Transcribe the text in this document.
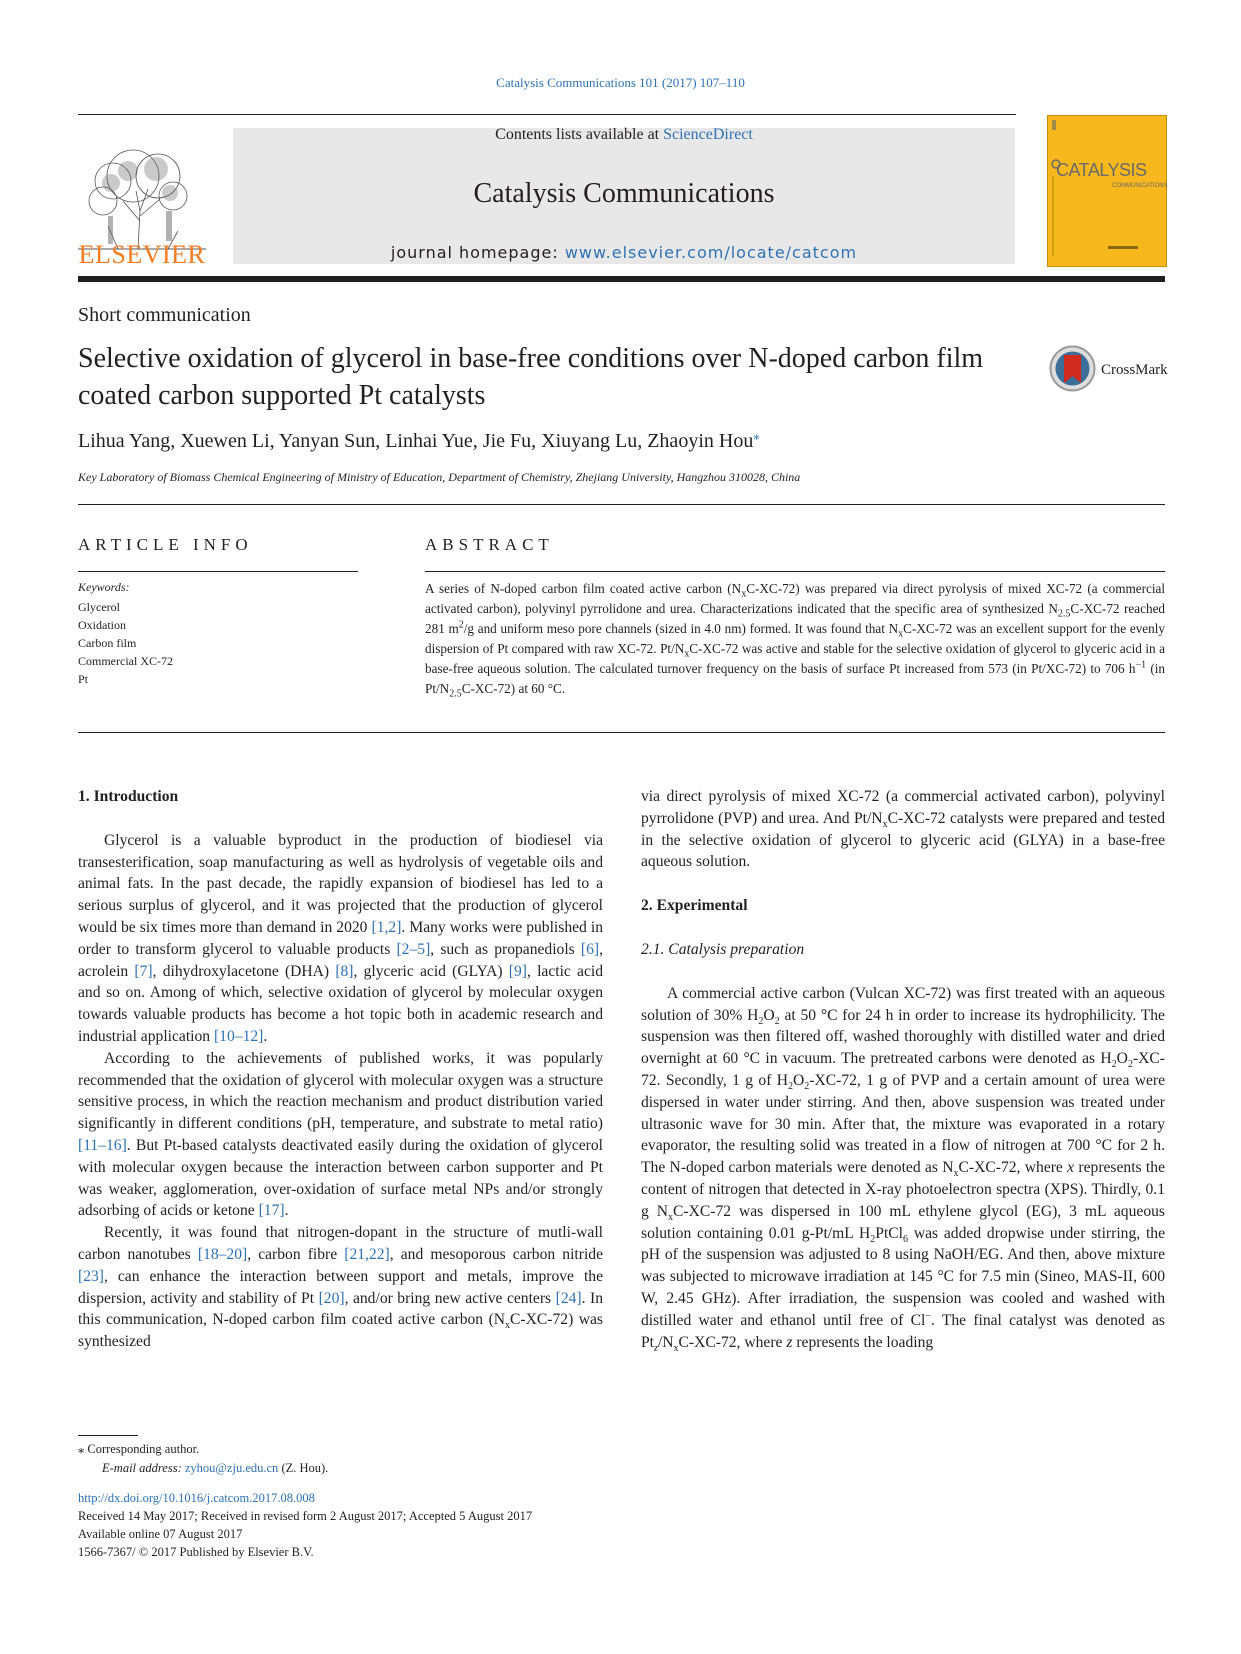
Catalysis Communications 101 (2017) 107–110
ELSEVIER
Contents lists available at ScienceDirect
Catalysis Communications
journal homepage: www.elsevier.com/locate/catcom
CATALYSIS
COMMUNICATIONS
Short communication
Selective oxidation of glycerol in base-free conditions over N-doped carbon film coated carbon supported Pt catalysts
CrossMark
Lihua Yang, Xuewen Li, Yanyan Sun, Linhai Yue, Jie Fu, Xiuyang Lu, Zhaoyin Hou⁎
Key Laboratory of Biomass Chemical Engineering of Ministry of Education, Department of Chemistry, Zhejiang University, Hangzhou 310028, China
ARTICLE INFO	ABSTRACT
Keywords:
Glycerol
Oxidation
Carbon film
Commercial XC-72
Pt
A series of N-doped carbon film coated active carbon $(N_xC-XC-72)$ was prepared via direct pyrolysis of mixed XC-72 (a commercial activated carbon), polyvinyl pyrrolidone and urea. Characterizations indicated that the specific area of synthesized $N_{2.5}C-XC-72$ reached 281 $m^2/g$ and uniform meso pore channels (sized in 4.0 nm) formed. It was found that $N_xC-XC-72$ was an excellent support for the evenly dispersion of Pt compared with raw XC-72. $Pt/N_xC-XC-72$ was active and stable for the selective oxidation of glycerol to glyceric acid in a base-free aqueous solution. The calculated turnover frequency on the basis of surface Pt increased from 573 (in Pt/XC-72) to 706 $h^{-1}$ (in $Pt/N_{2.5}C-XC-72$) at 60 °C.
1. Introduction

Glycerol is a valuable byproduct in the production of biodiesel via transesterification, soap manufacturing as well as hydrolysis of vegetable oils and animal fats. In the past decade, the rapidly expansion of biodiesel has led to a serious surplus of glycerol, and it was projected that the production of glycerol would be six times more than demand in 2020 [1,2]. Many works were published in order to transform glycerol to valuable products [2–5], such as propanediols [6], acrolein [7], dihydroxylacetone (DHA) [8], glyceric acid (GLYA) [9], lactic acid and so on. Among of which, selective oxidation of glycerol by molecular oxygen towards valuable products has become a hot topic both in academic research and industrial application [10–12].

According to the achievements of published works, it was popularly recommended that the oxidation of glycerol with molecular oxygen was a structure sensitive process, in which the reaction mechanism and product distribution varied significantly in different conditions (pH, temperature, and substrate to metal ratio) [11–16]. But Pt-based catalysts deactivated easily during the oxidation of glycerol with molecular oxygen because the interaction between carbon supporter and Pt was weaker, agglomeration, over-oxidation of surface metal NPs and/or strongly adsorbing of acids or ketone [17].

Recently, it was found that nitrogen-dopant in the structure of mutli-wall carbon nanotubes [18–20], carbon fibre [21,22], and mesoporous carbon nitride [23], can enhance the interaction between support and metals, improve the dispersion, activity and stability of Pt [20], and/or bring new active centers [24]. In this communication, N-doped carbon film coated active carbon $(N_xC-XC-72)$ was synthesized

via direct pyrolysis of mixed XC-72 (a commercial activated carbon), polyvinyl pyrrolidone (PVP) and urea. And $Pt/N_xC-XC-72$ catalysts were prepared and tested in the selective oxidation of glycerol to glyceric acid (GLYA) in a base-free aqueous solution.

2. Experimental
2.1. Catalysis preparation

A commercial active carbon (Vulcan XC-72) was first treated with an aqueous solution of 30% $H_2O_2$ at 50 °C for 24 h in order to increase its hydrophilicity. The suspension was then filtered off, washed thoroughly with distilled water and dried overnight at 60 °C in vacuum. The pretreated carbons were denoted as $H_2O_2-XC-72$. Secondly, 1 g of $H_2O_2-XC-72$, 1 g of PVP and a certain amount of urea were dispersed in water under stirring. And then, above suspension was treated under ultrasonic wave for 30 min. After that, the mixture was evaporated in a rotary evaporator, the resulting solid was treated in a flow of nitrogen at 700 °C for 2 h. The N-doped carbon materials were denoted as $N_xC-XC-72$, where x represents the content of nitrogen that detected in X-ray photoelectron spectra (XPS). Thirdly, 0.1 g $N_xC-XC-72$ was dispersed in 100 mL ethylene glycol (EG), 3 mL aqueous solution containing 0.01 g-Pt/mL $H_2PtCl_6$ was added dropwise under stirring, the pH of the suspension was adjusted to 8 using NaOH/EG. And then, above mixture was subjected to microwave irradiation at 145 °C for 7.5 min (Sineo, MAS-II, 600 W, 2.45 GHz). After irradiation, the suspension was cooled and washed with distilled water and ethanol until free of Cl−. The final catalyst was denoted as $Pt_z/N_xC-XC-72$, where z represents the loading

⁎ Corresponding author.
E-mail address: zyhou@zju.edu.cn (Z. Hou).
http://dx.doi.org/10.1016/j.catcom.2017.08.008
Received 14 May 2017; Received in revised form 2 August 2017; Accepted 5 August 2017
Available online 07 August 2017
1566-7367/ © 2017 Published by Elsevier B.V.
